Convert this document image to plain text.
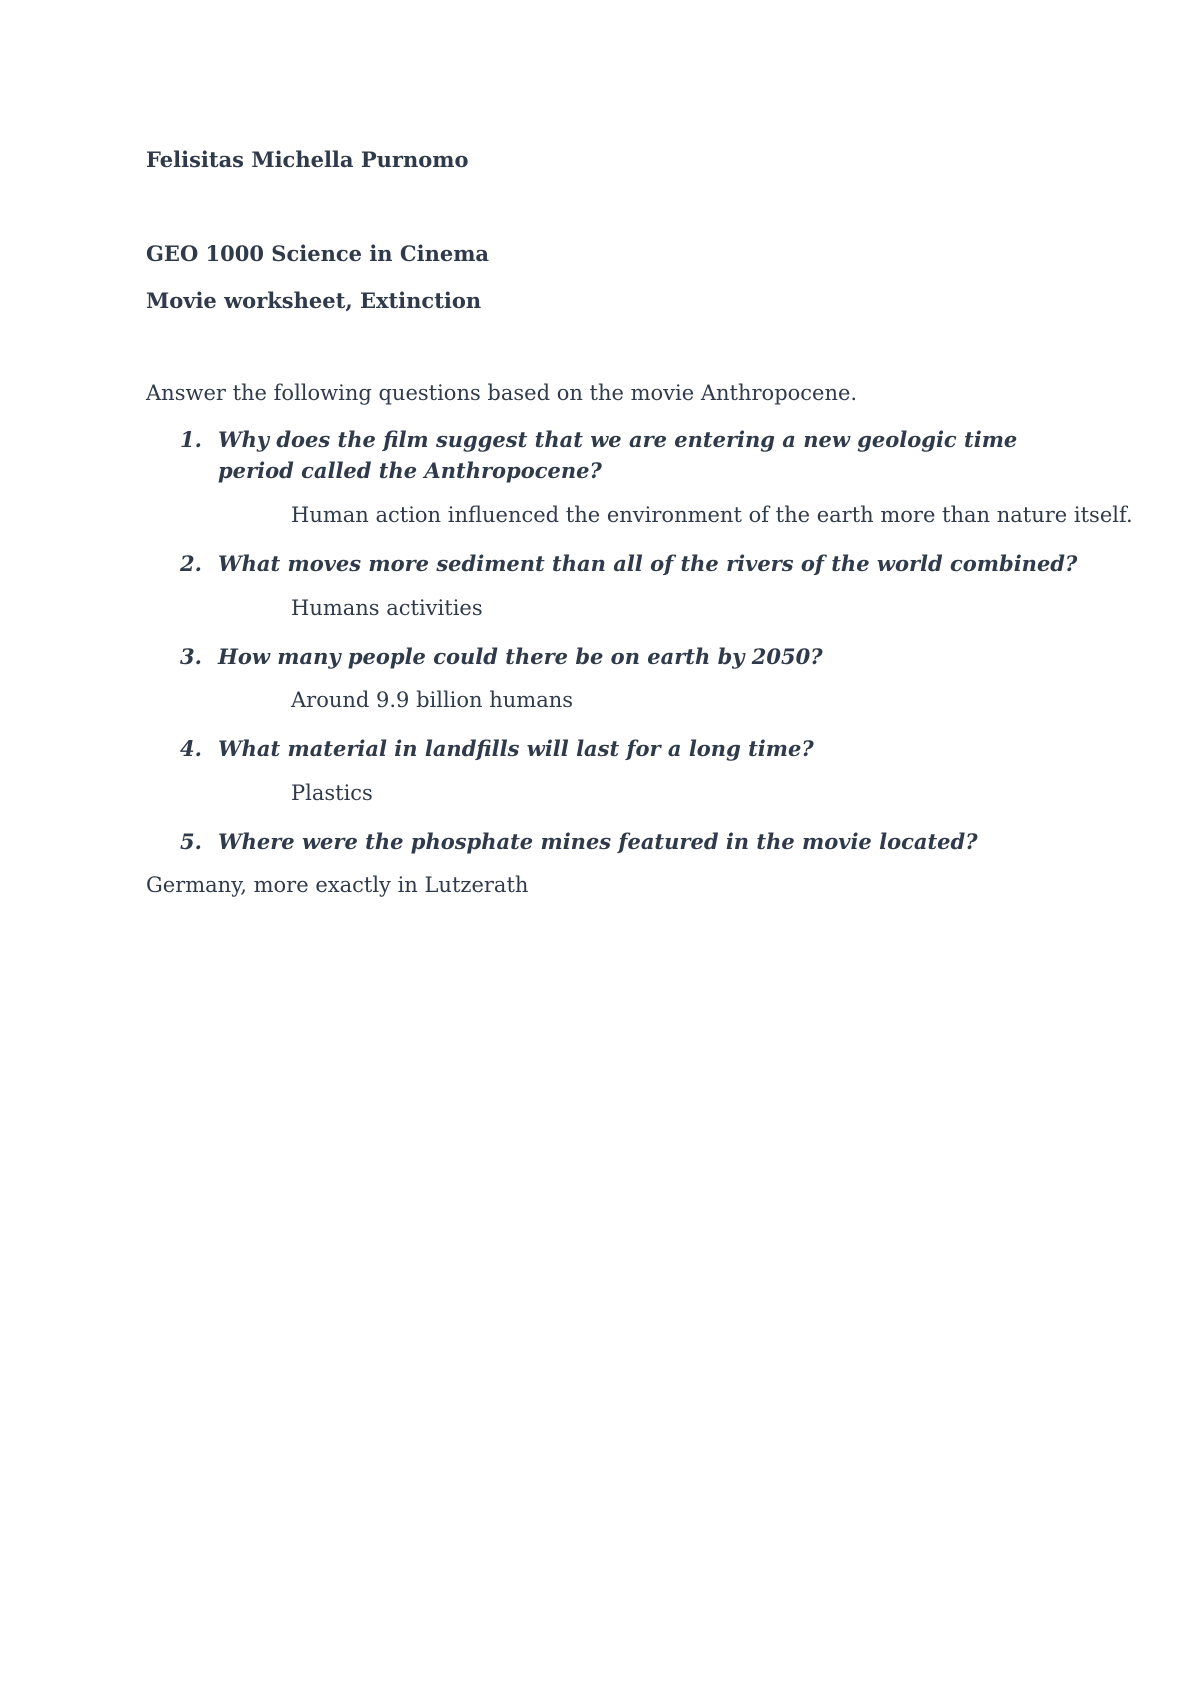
Felisitas Michella Purnomo
GEO 1000 Science in Cinema
Movie worksheet, Extinction
Answer the following questions based on the movie Anthropocene.
1. Why does the film suggest that we are entering a new geologic time period called the Anthropocene?
Human action influenced the environment of the earth more than nature itself.
2. What moves more sediment than all of the rivers of the world combined?
Humans activities
3. How many people could there be on earth by 2050?
Around 9.9 billion humans
4. What material in landfills will last for a long time?
Plastics
5. Where were the phosphate mines featured in the movie located?
Germany, more exactly in Lutzerath
